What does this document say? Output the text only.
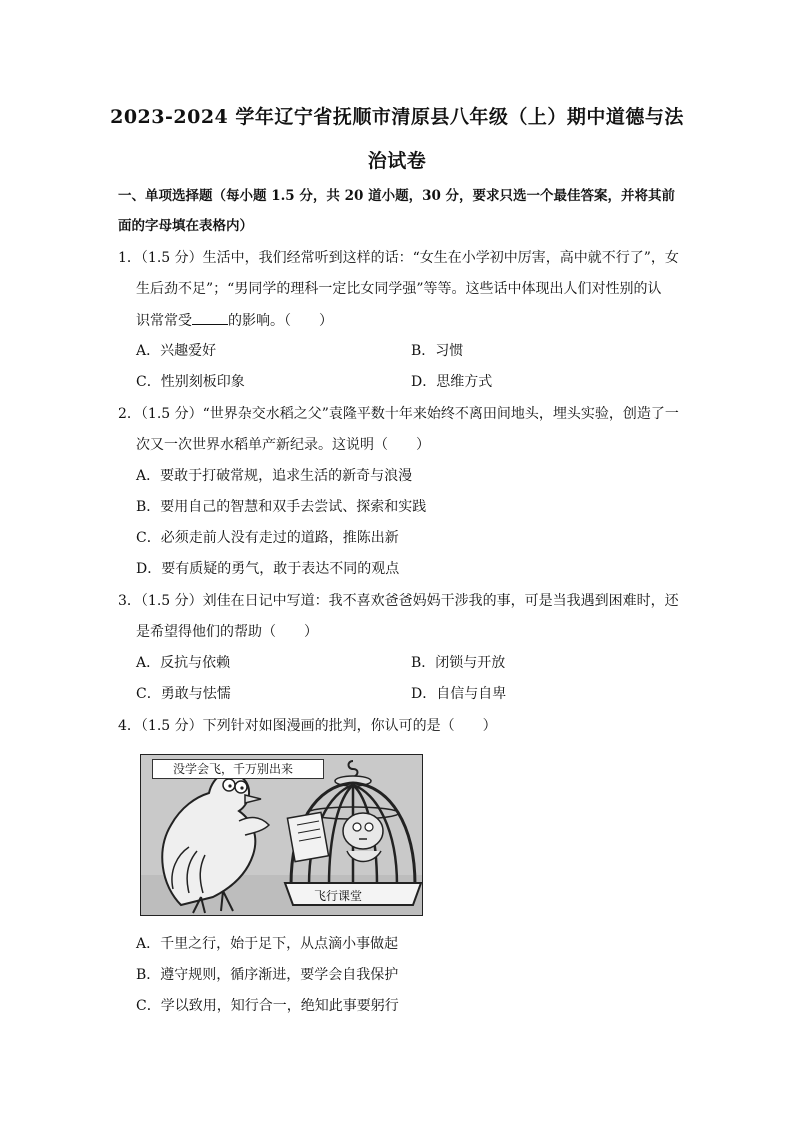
2023-2024 学年辽宁省抚顺市清原县八年级（上）期中道德与法
治试卷
一、单项选择题（每小题 1.5 分，共 20 道小题，30 分，要求只选一个最佳答案，并将其前
面的字母填在表格内）
1．（1.5 分）生活中，我们经常听到这样的话：“女生在小学初中厉害，高中就不行了”，女
生后劲不足”；“男同学的理科一定比女同学强”等等。这些话中体现出人们对性别的认
识常常受	的影响。（　　）
A．兴趣爱好	B．习惯
C．性别刻板印象	D．思维方式
2．（1.5 分）“世界杂交水稻之父”袁隆平数十年来始终不离田间地头，埋头实验，创造了一
次又一次世界水稻单产新纪录。这说明（　　）
A．要敢于打破常规，追求生活的新奇与浪漫
B．要用自己的智慧和双手去尝试、探索和实践
C．必须走前人没有走过的道路，推陈出新
D．要有质疑的勇气，敢于表达不同的观点
3．（1.5 分）刘佳在日记中写道：我不喜欢爸爸妈妈干涉我的事，可是当我遇到困难时，还
是希望得他们的帮助（　　）
A．反抗与依赖	B．闭锁与开放
C．勇敢与怯懦	D．自信与自卑
4．（1.5 分）下列针对如图漫画的批判，你认可的是（　　）
没学会飞，千万别出来
飞行课堂
A．千里之行，始于足下，从点滴小事做起
B．遵守规则，循序渐进，要学会自我保护
C．学以致用，知行合一，绝知此事要躬行
